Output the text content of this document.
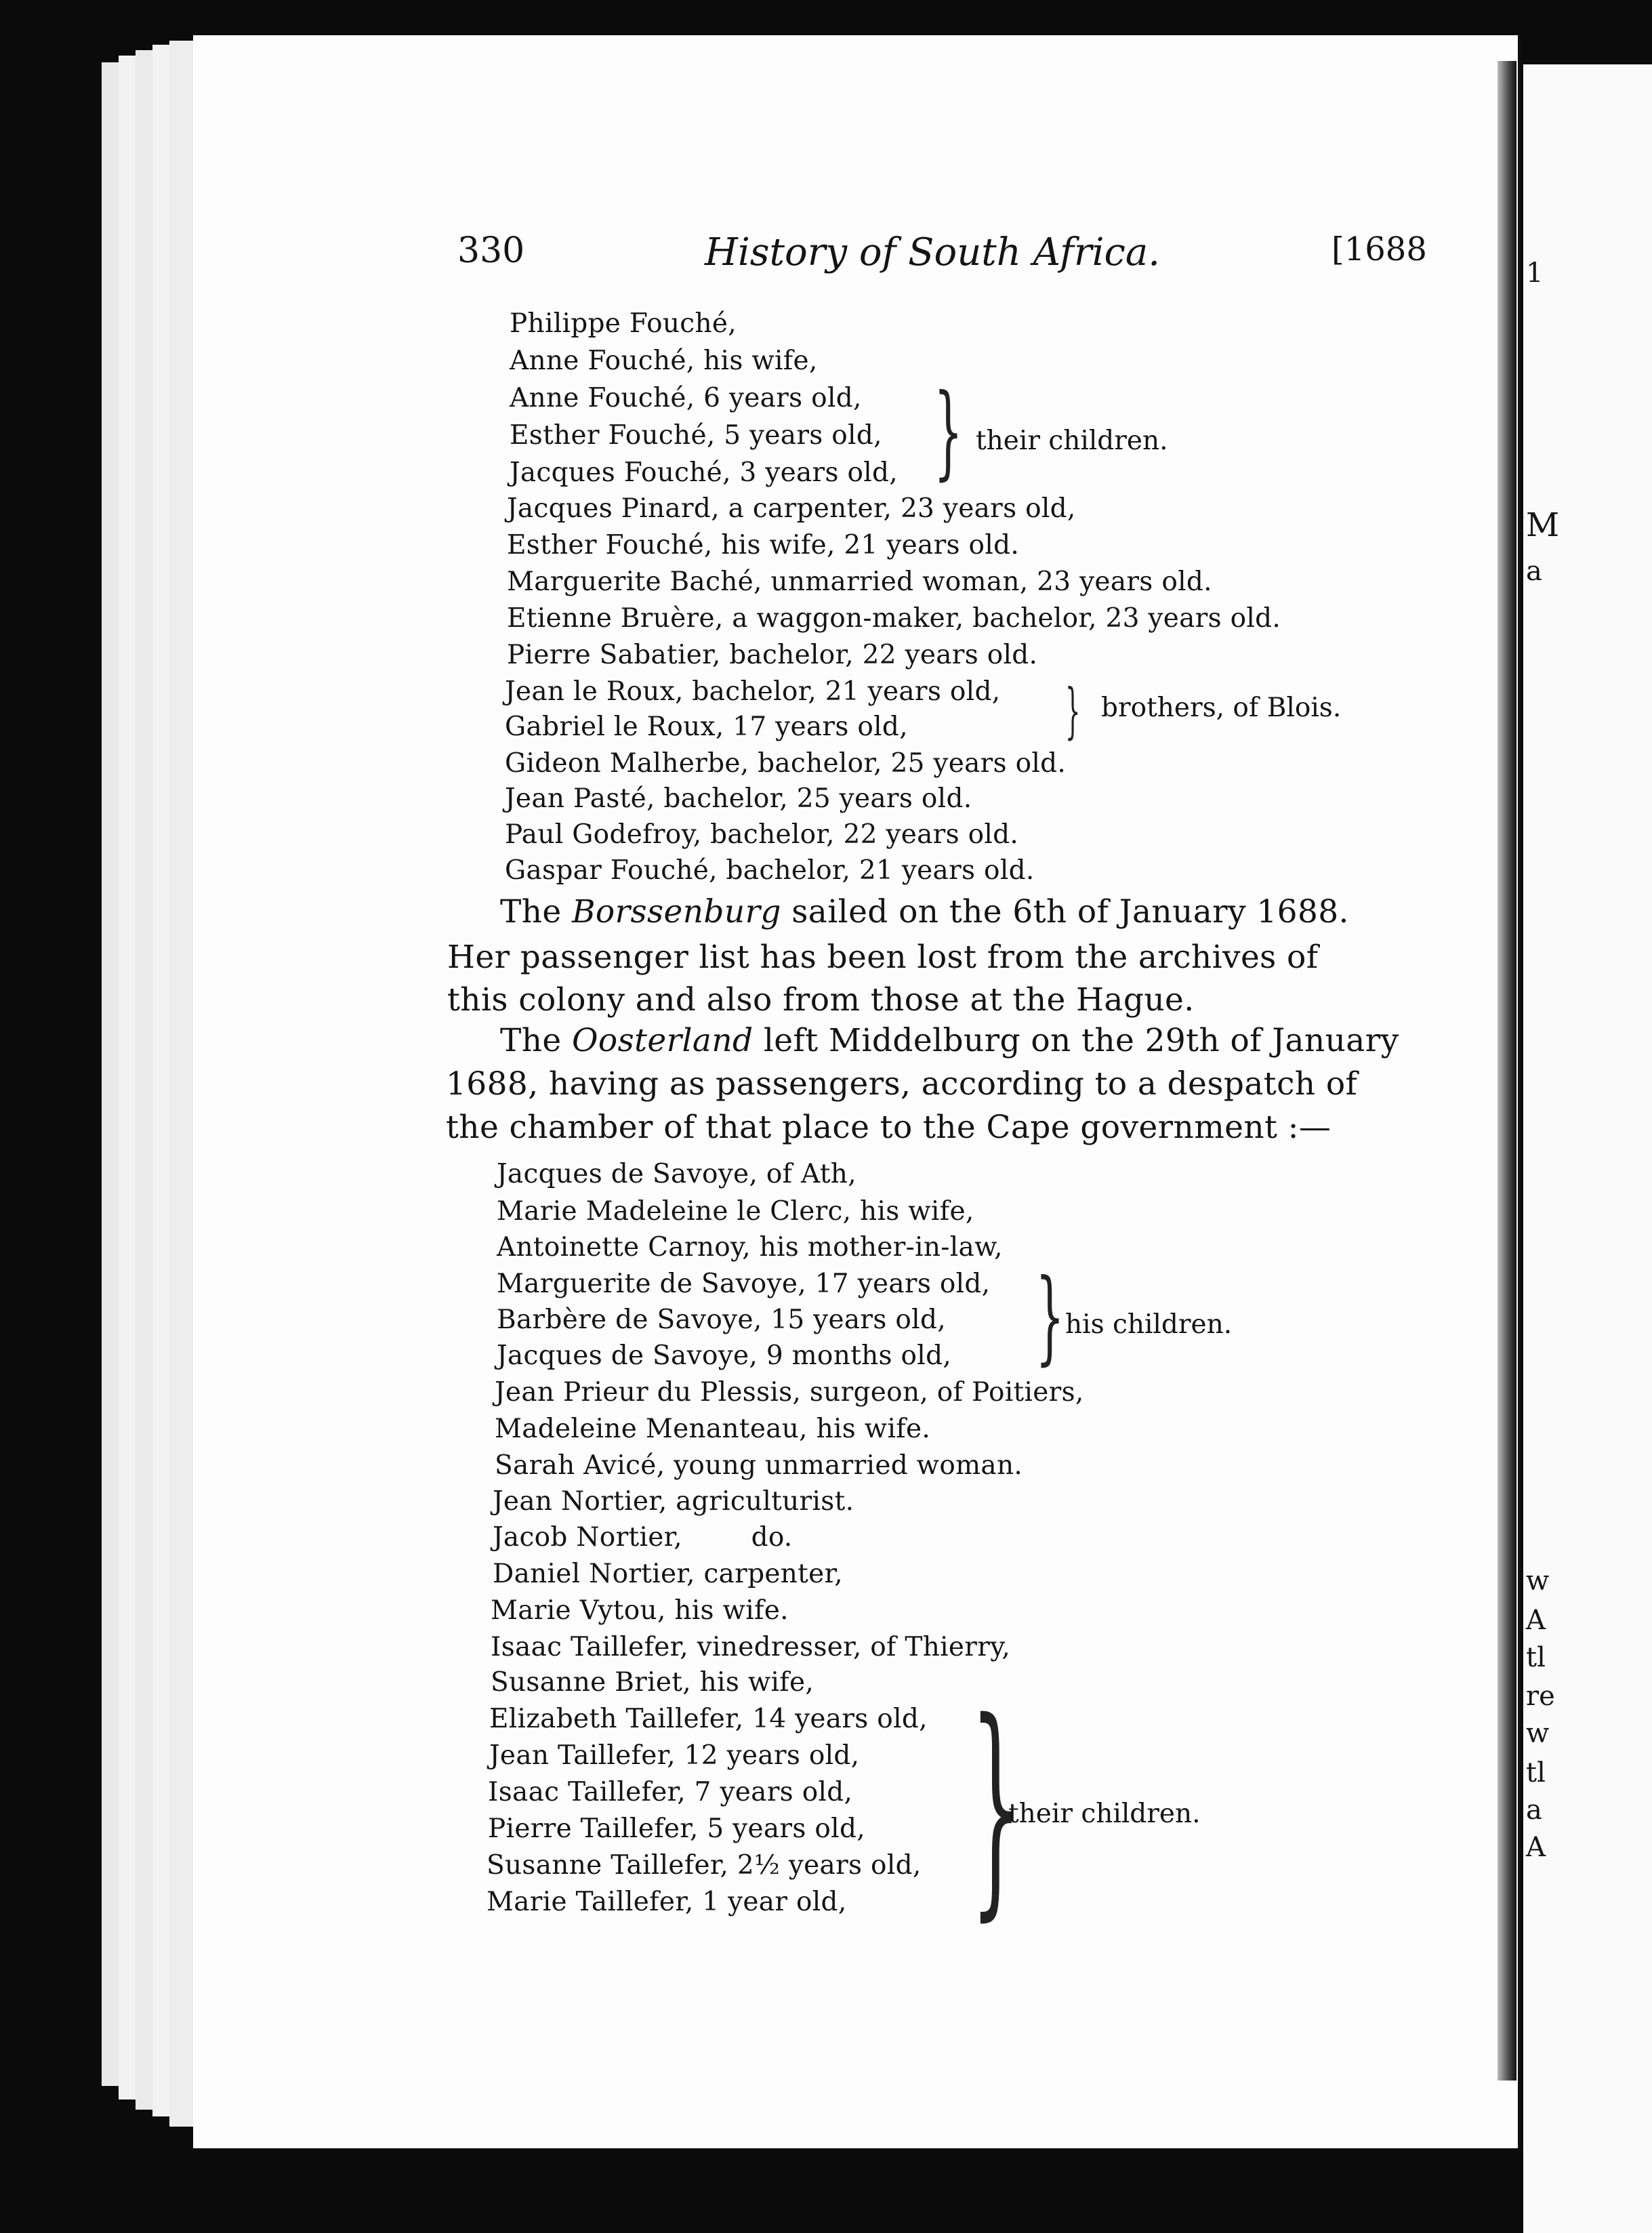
1
M
a
w
A
tl
re
w
tl
a
A
330	History of South Africa.	[1688
Philippe Fouché,
Anne Fouché, his wife,
Anne Fouché, 6 years old,
Esther Fouché, 5 years old,
Jacques Fouché, 3 years old,
Jacques Pinard, a carpenter, 23 years old,
Esther Fouché, his wife, 21 years old.
Marguerite Baché, unmarried woman, 23 years old.
Etienne Bruère, a waggon-maker, bachelor, 23 years old.
Pierre Sabatier, bachelor, 22 years old.
Jean le Roux, bachelor, 21 years old,
Gabriel le Roux, 17 years old,
Gideon Malherbe, bachelor, 25 years old.
Jean Pasté, bachelor, 25 years old.
Paul Godefroy, bachelor, 22 years old.
Gaspar Fouché, bachelor, 21 years old.
} their children.
} brothers, of Blois.
The Borssenburg sailed on the 6th of January 1688.
Her passenger list has been lost from the archives of
this colony and also from those at the Hague.
The Oosterland left Middelburg on the 29th of January
1688, having as passengers, according to a despatch of
the chamber of that place to the Cape government :—
Jacques de Savoye, of Ath,
Marie Madeleine le Clerc, his wife,
Antoinette Carnoy, his mother-in-law,
Marguerite de Savoye, 17 years old,
Barbère de Savoye, 15 years old,
Jacques de Savoye, 9 months old,
Jean Prieur du Plessis, surgeon, of Poitiers,
Madeleine Menanteau, his wife.
Sarah Avicé, young unmarried woman.
Jean Nortier, agriculturist.
Jacob Nortier,        do.
Daniel Nortier, carpenter,
Marie Vytou, his wife.
Isaac Taillefer, vinedresser, of Thierry,
Susanne Briet, his wife,
Elizabeth Taillefer, 14 years old,
Jean Taillefer, 12 years old,
Isaac Taillefer, 7 years old,
Pierre Taillefer, 5 years old,
Susanne Taillefer, 2½ years old,
Marie Taillefer, 1 year old,
} his children.
}
their children.
